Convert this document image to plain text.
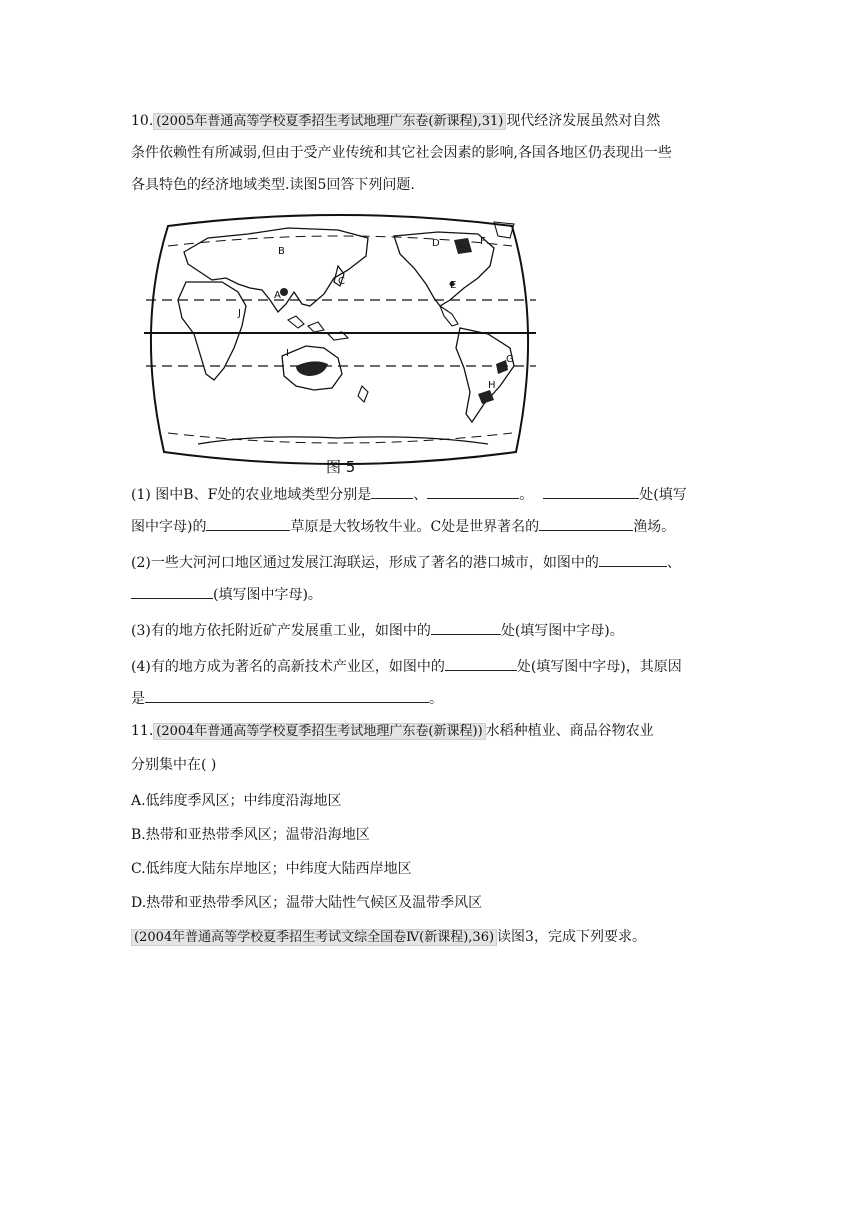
10. (2005年普通高等学校夏季招生考试地理广东卷(新课程),31) 现代经济发展虽然对自然
条件依赖性有所减弱,但由于受产业传统和其它社会因素的影响,各国各地区仍表现出一些
各具特色的经济地域类型.读图5回答下列问题.
B
A
C
D
E
F
G
H
I
J
图 5
(1) 图中B、F处的农业地域类型分别是	、	。	处(填写
图中字母)的	草原是大牧场牧牛业。C处是世界著名的	渔场。
(2)一些大河河口地区通过发展江海联运，形成了著名的港口城市，如图中的	、
(填写图中字母)。
(3)有的地方依托附近矿产发展重工业，如图中的	处(填写图中字母)。
(4)有的地方成为著名的高新技术产业区，如图中的	处(填写图中字母)，其原因
是	。
11. (2004年普通高等学校夏季招生考试地理广东卷(新课程)) 水稻种植业、商品谷物农业
分别集中在( )
A.低纬度季风区；中纬度沿海地区
B.热带和亚热带季风区；温带沿海地区
C.低纬度大陆东岸地区；中纬度大陆西岸地区
D.热带和亚热带季风区；温带大陆性气候区及温带季风区
(2004年普通高等学校夏季招生考试文综全国卷Ⅳ(新课程),36) 读图3，完成下列要求。
